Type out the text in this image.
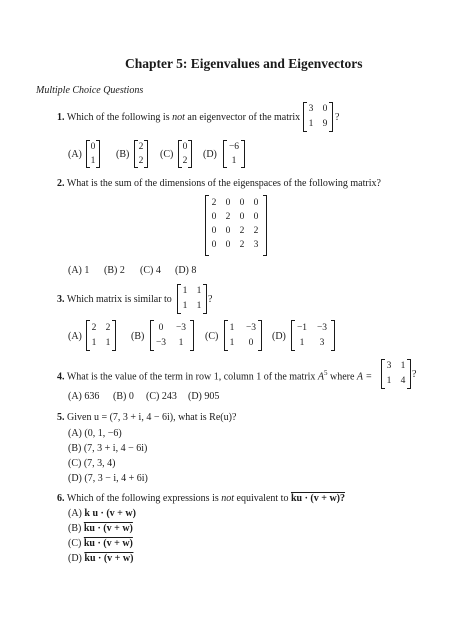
Chapter 5: Eigenvalues and Eigenvectors
Multiple Choice Questions
1. Which of the following is not an eigenvector of the matrix
3 0
1 9
?
(A)
0
1
(B)
2
2
(C)
0
2
(D)
−6
1
2. What is the sum of the dimensions of the eigenspaces of the following matrix?
2 0 0 0
0 2 0 0
0 0 2 2
0 0 2 3
(A) 1 (B) 2 (C) 4 (D) 8
3. Which matrix is similar to
1 1
1 1
?
(A)
2 2
1 1
(B)
0	−3
−3	1
(C)
1	−3
1	0
(D)
−1 −3
1	3
4. What is the value of the term in row 1, column 1 of the matrix $A^5$ where A =
3 1
1 4
?
(A) 636 (B) 0 (C) 243 (D) 905
5. Given u = (7, 3 + i, 4 − 6i), what is Re(u)?
(A) (0, 1, −6)
(B) (7, 3 + i, 4 − 6i)
(C) (7, 3, 4)
(D) (7, 3 − i, 4 + 6i)
6. Which of the following expressions is not equivalent to ku · (v + w)?
(A) k u · (v + w)
(B) ku · (v + w)
(C) ku · (v + w)
(D) ku · (v + w)
